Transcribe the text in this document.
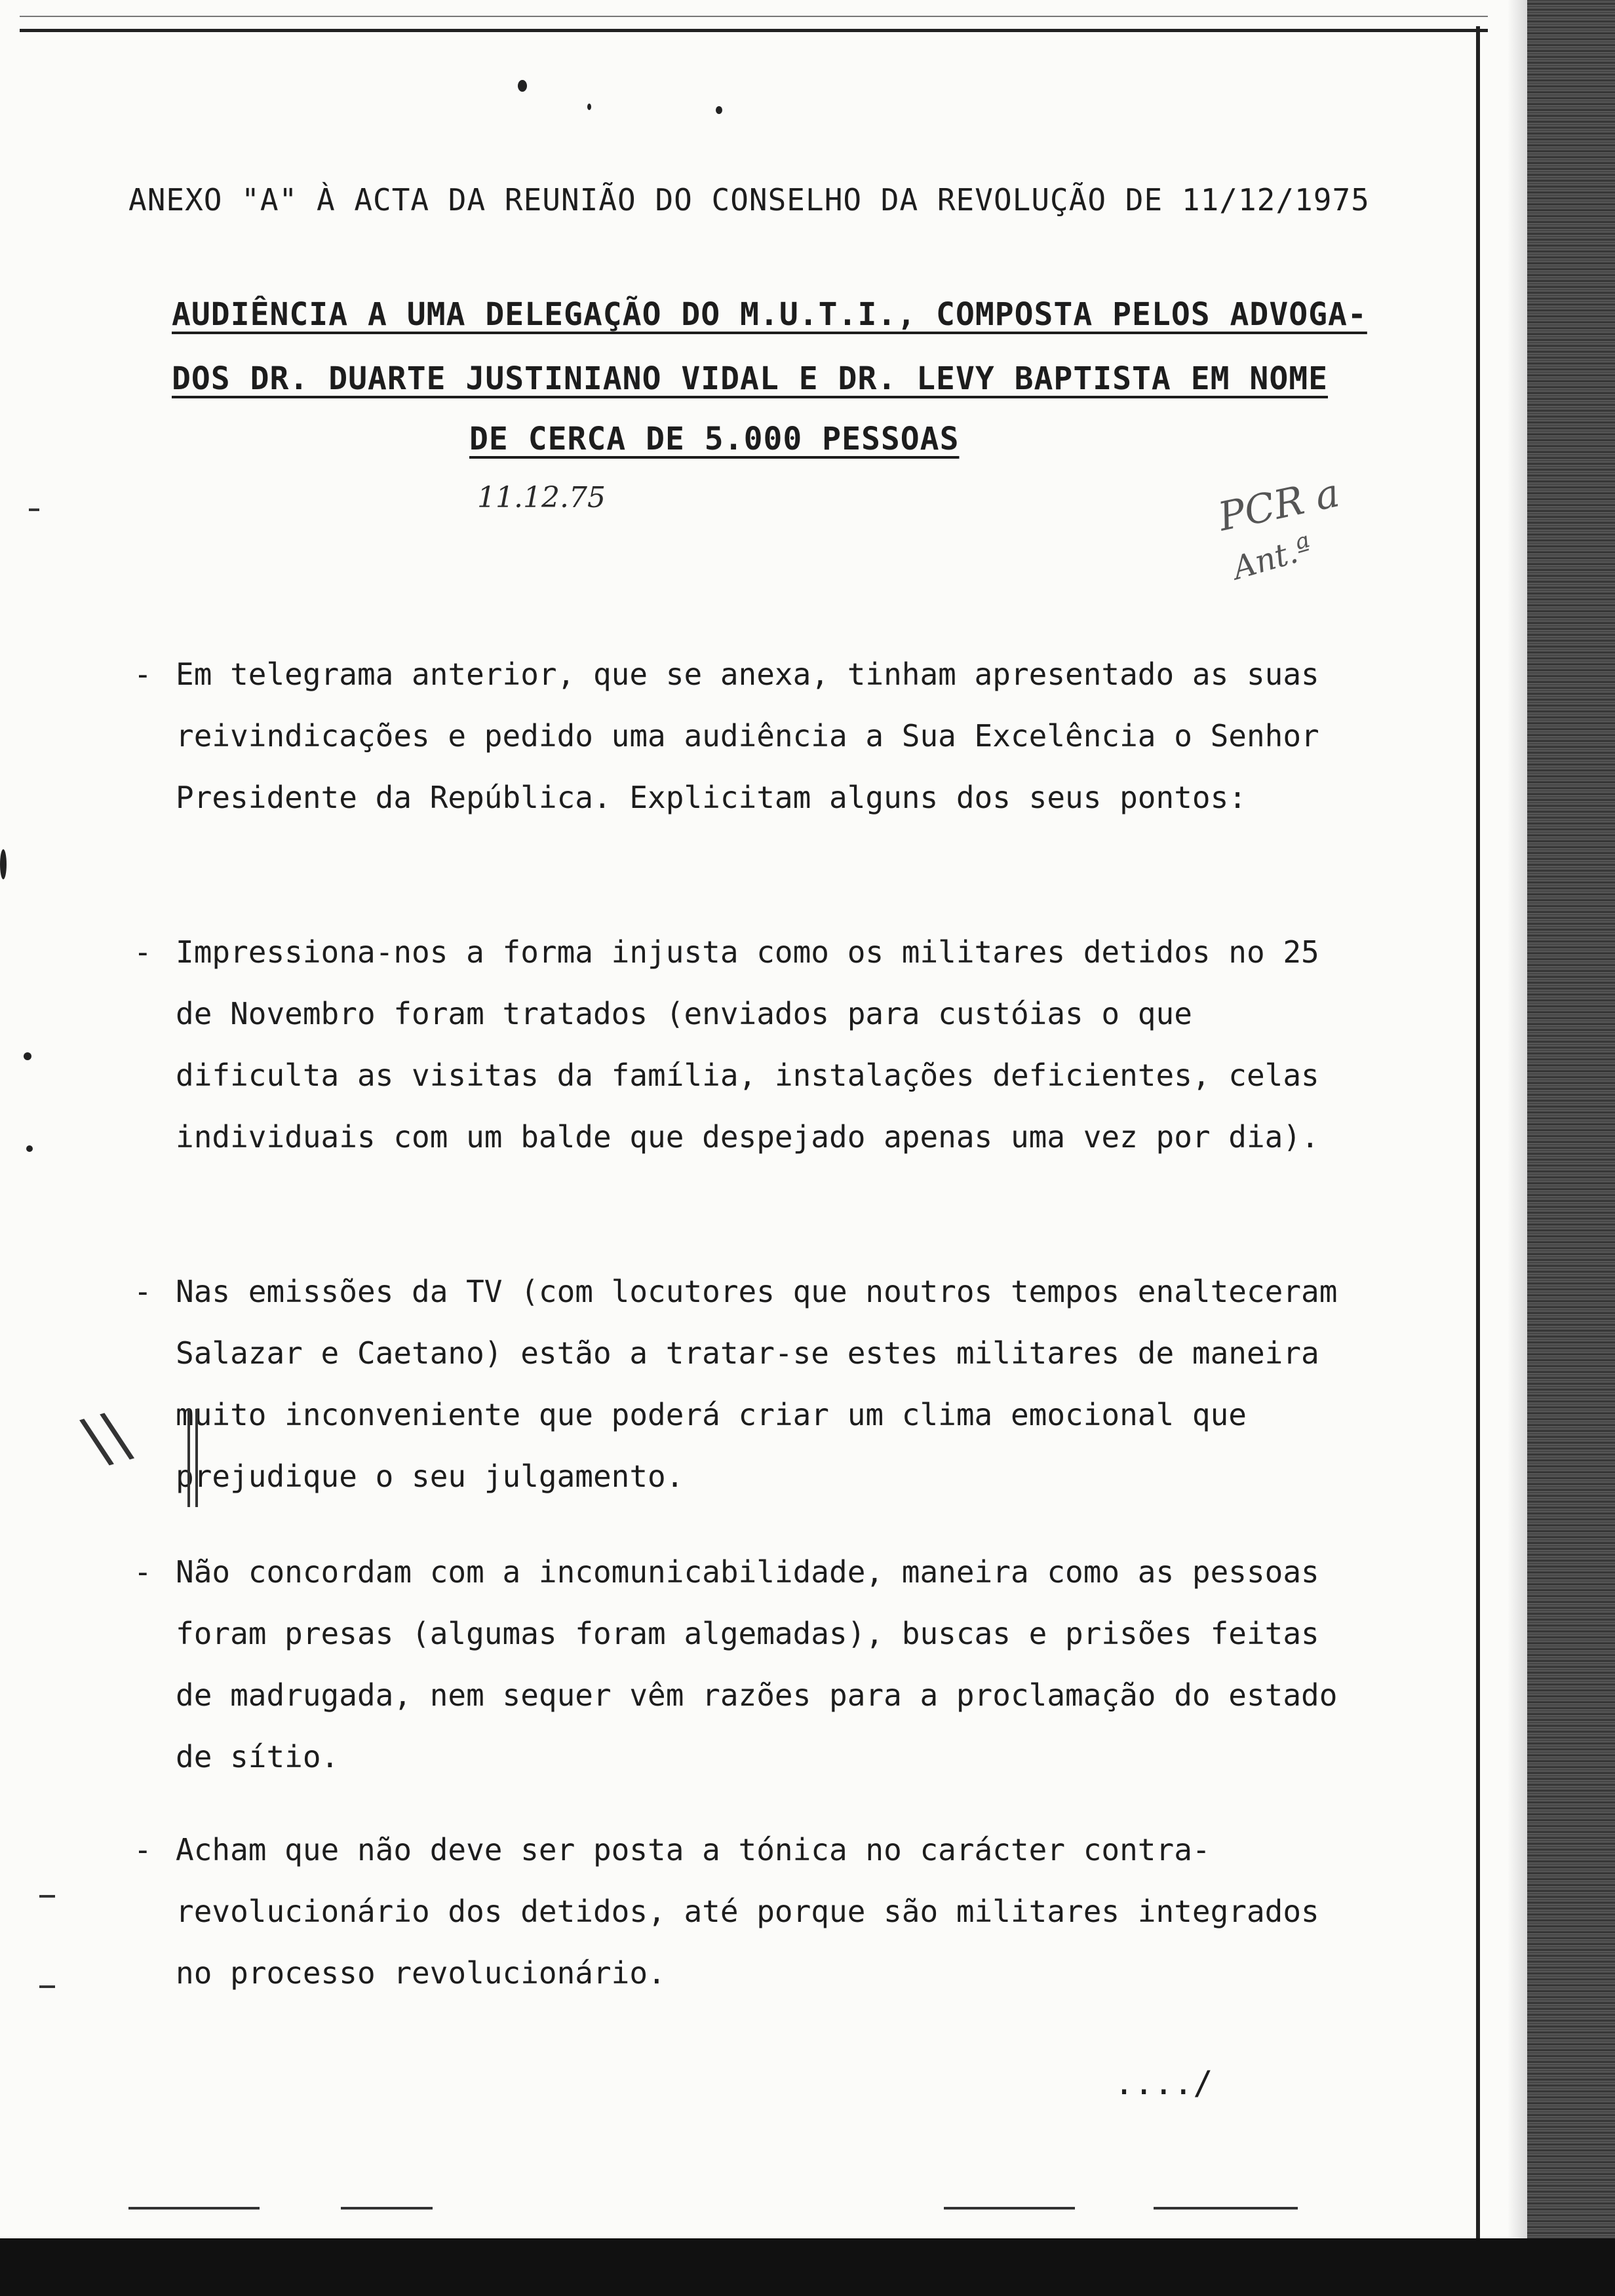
ANEXO "A" À ACTA DA REUNIÃO DO CONSELHO DA REVOLUÇÃO DE 11/12/1975
AUDIÊNCIA A UMA DELEGAÇÃO DO M.U.T.I., COMPOSTA PELOS ADVOGA-
DOS DR. DUARTE JUSTINIANO VIDAL E DR. LEVY BAPTISTA EM NOME
DE CERCA DE 5.000 PESSOAS
11.12.75	PCR a
Ant.ª
- Em telegrama anterior, que se anexa, tinham apresentado as suas reivindicações e pedido uma audiência a Sua Excelência o Senhor Presidente da República. Explicitam alguns dos seus pontos:
- Impressiona-nos a forma injusta como os militares detidos no 25 de Novembro foram tratados (enviados para custóias o que dificulta as visitas da família, instalações deficientes, celas individuais com um balde que despejado apenas uma vez por dia).
- Nas emissões da TV (com locutores que noutros tempos enalteceram Salazar e Caetano) estão a tratar-se estes militares de maneira muito inconveniente que poderá criar um clima emocional que prejudique o seu julgamento.
- Não concordam com a incomunicabilidade, maneira como as pessoas foram presas (algumas foram algemadas), buscas e prisões feitas de madrugada, nem sequer vêm razões para a proclamação do estado de sítio.
- Acham que não deve ser posta a tónica no carácter contra-revolucionário dos detidos, até porque são militares integrados no processo revolucionário.
\\
..../
